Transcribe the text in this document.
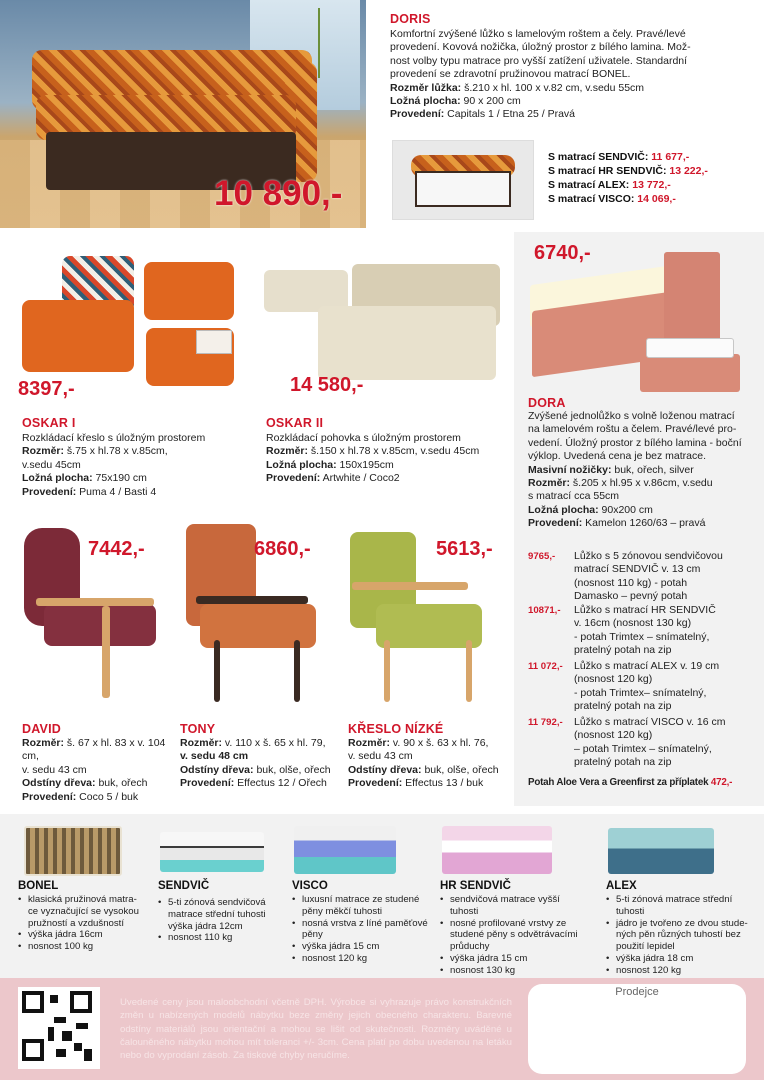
10 890,-
DORIS
Komfortní zvýšené lůžko s lamelovým roštem a čely. Pravé/levé
provedení. Kovová nožička, úložný prostor z bílého lamina. Mož-
nost volby typu matrace pro vyšší zatížení uživatele. Standardní
provedení se zdravotní pružinovou matrací BONEL.
Rozměr lůžka: š.210 x hl. 100 x v.82 cm, v.sedu 55cm
Ložná plocha: 90 x 200 cm
Provedení: Capitals 1 / Etna 25 / Pravá
S matrací SENDVIČ: 11 677,-
S matrací HR SENDVIČ: 13 222,-
S matrací ALEX: 13 772,-
S matrací VISCO: 14 069,-
6740,-
DORA
Zvýšené jednolůžko s volně loženou matrací
na lamelovém roštu a čelem. Pravé/levé pro-
vedení. Úložný prostor z bílého lamina - boční
výklop. Uvedená cena je bez matrace.
Masivní nožičky: buk, ořech, silver
Rozměr: š.205 x hl.95 x v.86cm, v.sedu
s matrací cca 55cm
Ložná plocha: 90x200 cm
Provedení: Kamelon 1260/63 – pravá
9765,-	Lůžko s 5 zónovou sendvičovou
matrací SENDVIČ v. 13 cm
(nosnost 110 kg) - potah
Damasko – pevný potah
10871,-	Lůžko s matrací HR SENDVIČ
v. 16cm (nosnost 130 kg)
- potah Trimtex – snímatelný,
pratelný potah na zip
11 072,-	Lůžko s matrací ALEX v. 19 cm
(nosnost 120 kg)
- potah Trimtex– snímatelný,
pratelný potah na zip
11 792,-	Lůžko s matrací VISCO v. 16 cm
(nosnost 120 kg)
– potah Trimtex – snímatelný,
pratelný potah na zip
Potah Aloe Vera a Greenfirst za příplatek 472,-
8397,-
OSKAR I
Rozkládací křeslo s úložným prostorem
Rozměr: š.75 x hl.78 x v.85cm,
v.sedu 45cm
Ložná plocha: 75x190 cm
Provedení: Puma 4 / Basti 4
14 580,-
OSKAR II
Rozkládací pohovka s úložným prostorem
Rozměr: š.150 x hl.78 x v.85cm, v.sedu 45cm
Ložná plocha: 150x195cm
Provedení: Artwhite / Coco2
7442,-
DAVID
Rozměr: š. 67 x hl. 83 x v. 104 cm,
v. sedu 43 cm
Odstíny dřeva: buk, ořech
Provedení: Coco 5 / buk
6860,-
TONY
Rozměr: v. 110 x š. 65 x hl. 79,
v. sedu 48 cm
Odstíny dřeva: buk, olše, ořech
Provedení: Effectus 12 / Ořech
5613,-
KŘESLO NÍZKÉ
Rozměr: v. 90 x š. 63 x hl. 76,
v. sedu 43 cm
Odstíny dřeva: buk, olše, ořech
Provedení: Effectus 13 / buk
BONEL
• klasická pružinová matra-ce vyznačující se vysokou pružností a vzdušností
• výška jádra 16cm
• nosnost 100 kg
SENDVIČ
• 5-ti zónová sendvičová matrace střední tuhosti výška jádra 12cm
• nosnost 110 kg
VISCO
• luxusní matrace ze studené pěny měkčí tuhosti
• nosná vrstva z líné paměťové pěny
• výška jádra 15 cm
• nosnost 120 kg
HR SENDVIČ
• sendvičová matrace vyšší tuhosti
• nosné profilované vrstvy ze studené pěny s odvětrávacími průduchy
• výška jádra 15 cm
• nosnost 130 kg
ALEX
• 5-ti zónová matrace střední tuhosti
• jádro je tvořeno ze dvou stude-ných pěn různých tuhostí bez použití lepidel
• výška jádra 18 cm
• nosnost 120 kg
Uvedené ceny jsou maloobchodní včetně DPH. Výrobce si vyhrazuje právo konstrukčních změn u nabízených modelů nábytku beze změny jejich obecného charakteru. Barevné odstíny materiálů jsou orientační a mohou se lišit od skutečnosti. Rozměry uváděné u čalouněného nábytku mohou mít toleranci +/- 3cm. Cena platí po dobu uvedenou na letáku nebo do vyprodání zásob. Za tiskové chyby neručíme.
Prodejce
